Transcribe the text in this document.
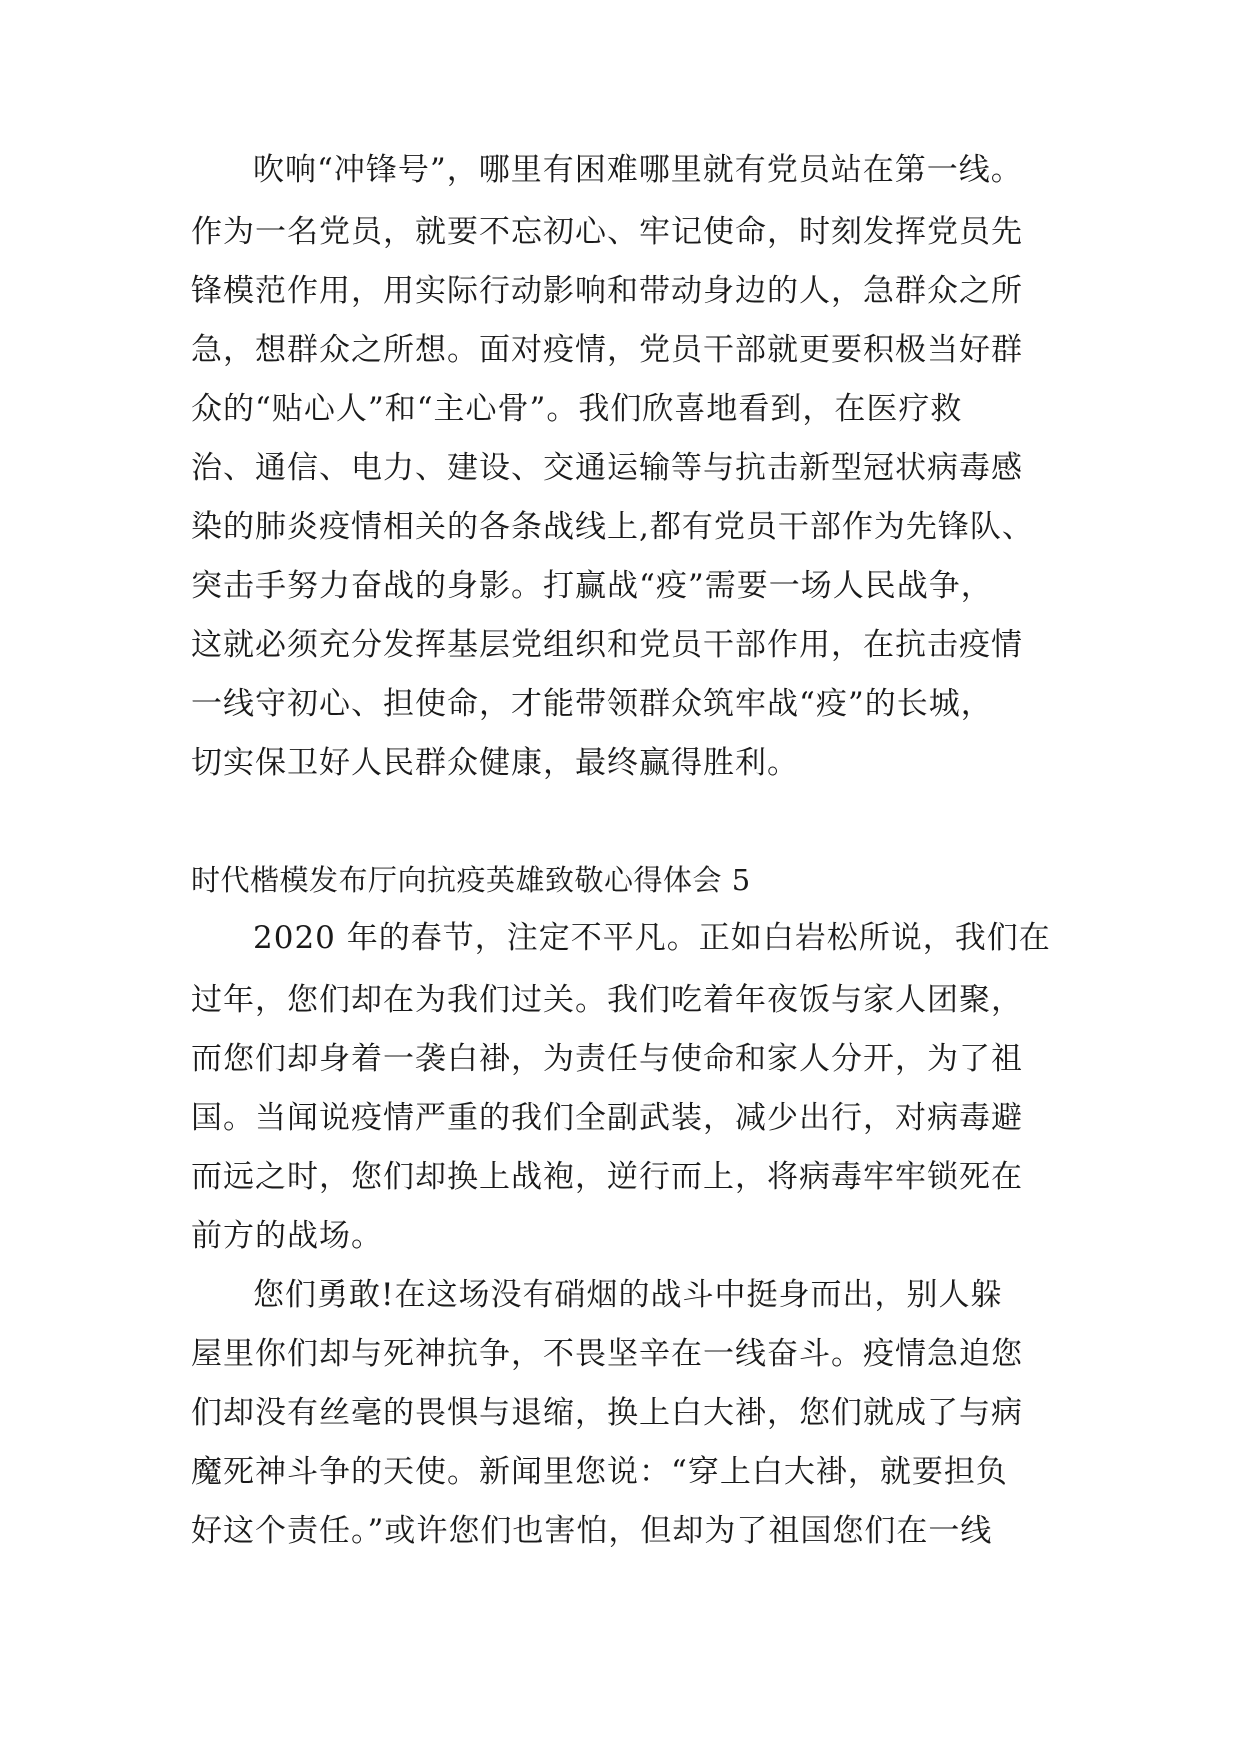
吹响“冲锋号”，哪里有困难哪里就有党员站在第一线。
作为一名党员，就要不忘初心、牢记使命，时刻发挥党员先
锋模范作用，用实际行动影响和带动身边的人，急群众之所
急，想群众之所想。面对疫情，党员干部就更要积极当好群
众的“贴心人”和“主心骨”。我们欣喜地看到，在医疗救
治、通信、电力、建设、交通运输等与抗击新型冠状病毒感
染的肺炎疫情相关的各条战线上,都有党员干部作为先锋队、
突击手努力奋战的身影。打赢战“疫”需要一场人民战争，
这就必须充分发挥基层党组织和党员干部作用，在抗击疫情
一线守初心、担使命，才能带领群众筑牢战“疫”的长城，
切实保卫好人民群众健康，最终赢得胜利。
时代楷模发布厅向抗疫英雄致敬心得体会 5
2020 年的春节，注定不平凡。正如白岩松所说，我们在
过年，您们却在为我们过关。我们吃着年夜饭与家人团聚，
而您们却身着一袭白褂，为责任与使命和家人分开，为了祖
国。当闻说疫情严重的我们全副武装，减少出行，对病毒避
而远之时，您们却换上战袍，逆行而上，将病毒牢牢锁死在
前方的战场。
您们勇敢!在这场没有硝烟的战斗中挺身而出，别人躲
屋里你们却与死神抗争，不畏坚辛在一线奋斗。疫情急迫您
们却没有丝毫的畏惧与退缩，换上白大褂，您们就成了与病
魔死神斗争的天使。新闻里您说：“穿上白大褂，就要担负
好这个责任。”或许您们也害怕，但却为了祖国您们在一线
